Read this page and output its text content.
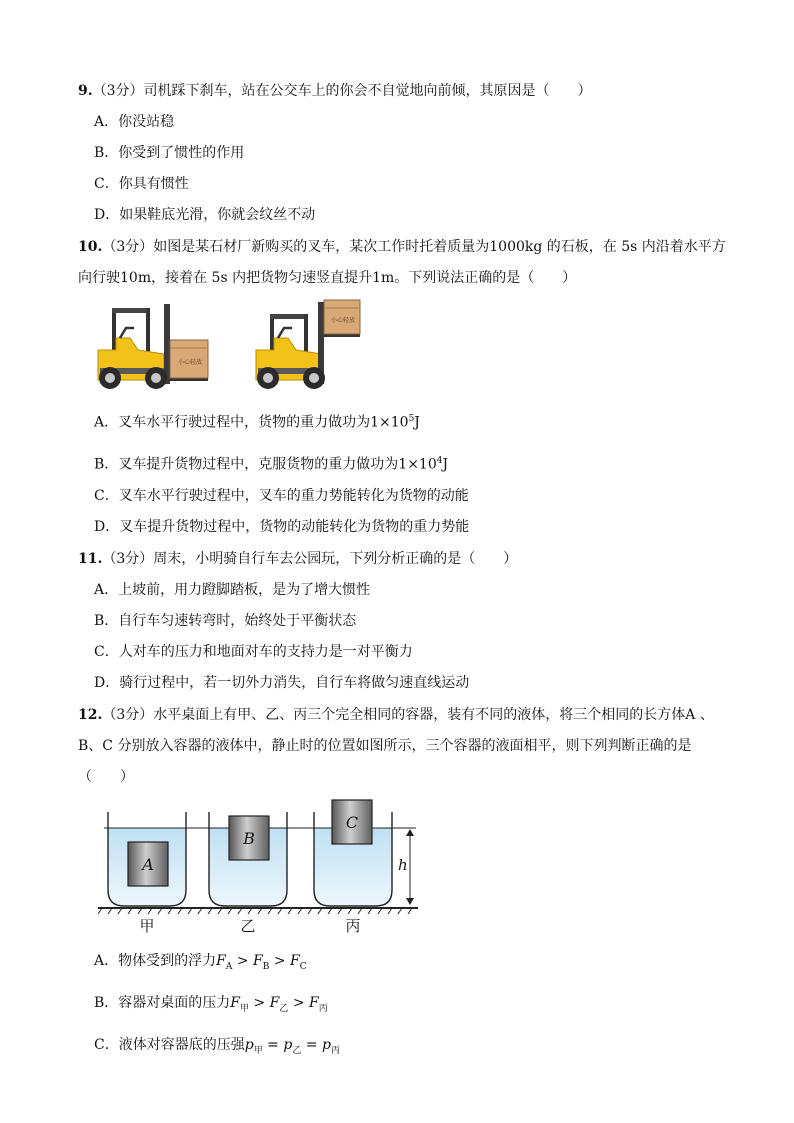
9.（3分）司机踩下刹车，站在公交车上的你会不自觉地向前倾，其原因是（　　）
A．你没站稳
B．你受到了惯性的作用
C．你具有惯性
D．如果鞋底光滑，你就会纹丝不动
10.（3分）如图是某石材厂新购买的叉车，某次工作时托着质量为1000kg 的石板，在 5s 内沿着水平方
向行驶10m，接着在 5s 内把货物匀速竖直提升1m。下列说法正确的是（　　）
小心轻放
小心轻放
A．叉车水平行驶过程中，货物的重力做功为$1\times 10^5J$
B．叉车提升货物过程中，克服货物的重力做功为$1\times 10^4J$
C．叉车水平行驶过程中，叉车的重力势能转化为货物的动能
D．叉车提升货物过程中，货物的动能转化为货物的重力势能
11.（3分）周末，小明骑自行车去公园玩，下列分析正确的是（　　）
A．上坡前，用力蹬脚踏板，是为了增大惯性
B．自行车匀速转弯时，始终处于平衡状态
C．人对车的压力和地面对车的支持力是一对平衡力
D．骑行过程中，若一切外力消失，自行车将做匀速直线运动
12.（3分）水平桌面上有甲、乙、丙三个完全相同的容器，装有不同的液体，将三个相同的长方体A 、
B、C 分别放入容器的液体中，静止时的位置如图所示，三个容器的液面相平，则下列判断正确的是
（　　）
A
B
C
h
甲	乙	丙
A．物体受到的浮力$F_A > F_B > F_C$
B．容器对桌面的压力$F_甲 > F_乙 > F_丙$
C．液体对容器底的压强$p_甲 = p_乙 = p_丙$
